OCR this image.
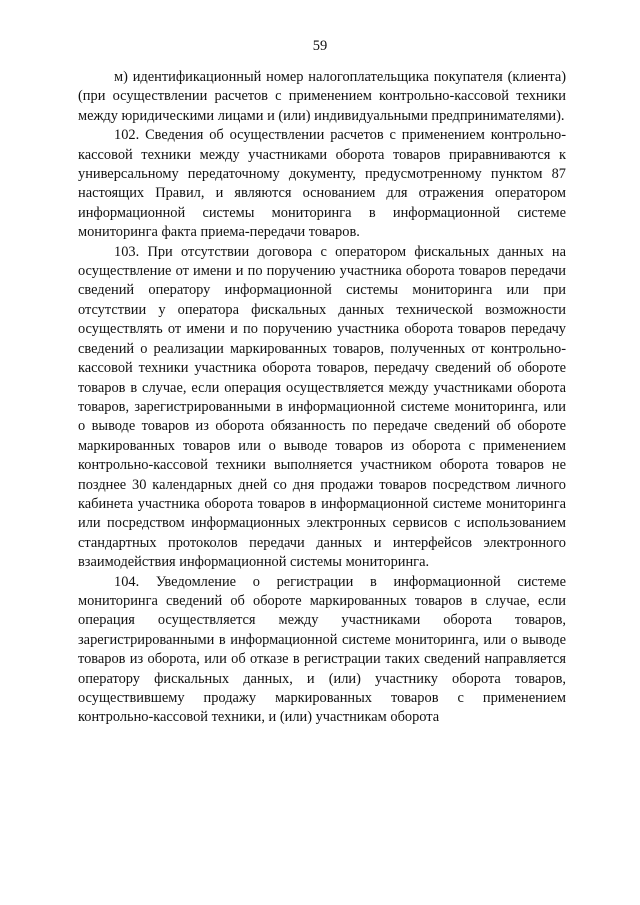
59

м) идентификационный номер налогоплательщика покупателя (клиента) (при осуществлении расчетов с применением контрольно-кассовой техники между юридическими лицами и (или) индивидуальными предпринимателями).

102. Сведения об осуществлении расчетов с применением контрольно-кассовой техники между участниками оборота товаров приравниваются к универсальному передаточному документу, предусмотренному пунктом 87 настоящих Правил, и являются основанием для отражения оператором информационной системы мониторинга в информационной системе мониторинга факта приема-передачи товаров.

103. При отсутствии договора с оператором фискальных данных на осуществление от имени и по поручению участника оборота товаров передачи сведений оператору информационной системы мониторинга или при отсутствии у оператора фискальных данных технической возможности осуществлять от имени и по поручению участника оборота товаров передачу сведений о реализации маркированных товаров, полученных от контрольно-кассовой техники участника оборота товаров, передачу сведений об обороте товаров в случае, если операция осуществляется между участниками оборота товаров, зарегистрированными в информационной системе мониторинга, или о выводе товаров из оборота обязанность по передаче сведений об обороте маркированных товаров или о выводе товаров из оборота с применением контрольно-кассовой техники выполняется участником оборота товаров не позднее 30 календарных дней со дня продажи товаров посредством личного кабинета участника оборота товаров в информационной системе мониторинга или посредством информационных электронных сервисов с использованием стандартных протоколов передачи данных и интерфейсов электронного взаимодействия информационной системы мониторинга.

104. Уведомление о регистрации в информационной системе мониторинга сведений об обороте маркированных товаров в случае, если операция осуществляется между участниками оборота товаров, зарегистрированными в информационной системе мониторинга, или о выводе товаров из оборота, или об отказе в регистрации таких сведений направляется оператору фискальных данных, и (или) участнику оборота товаров, осуществившему продажу маркированных товаров с применением контрольно-кассовой техники, и (или) участникам оборота
